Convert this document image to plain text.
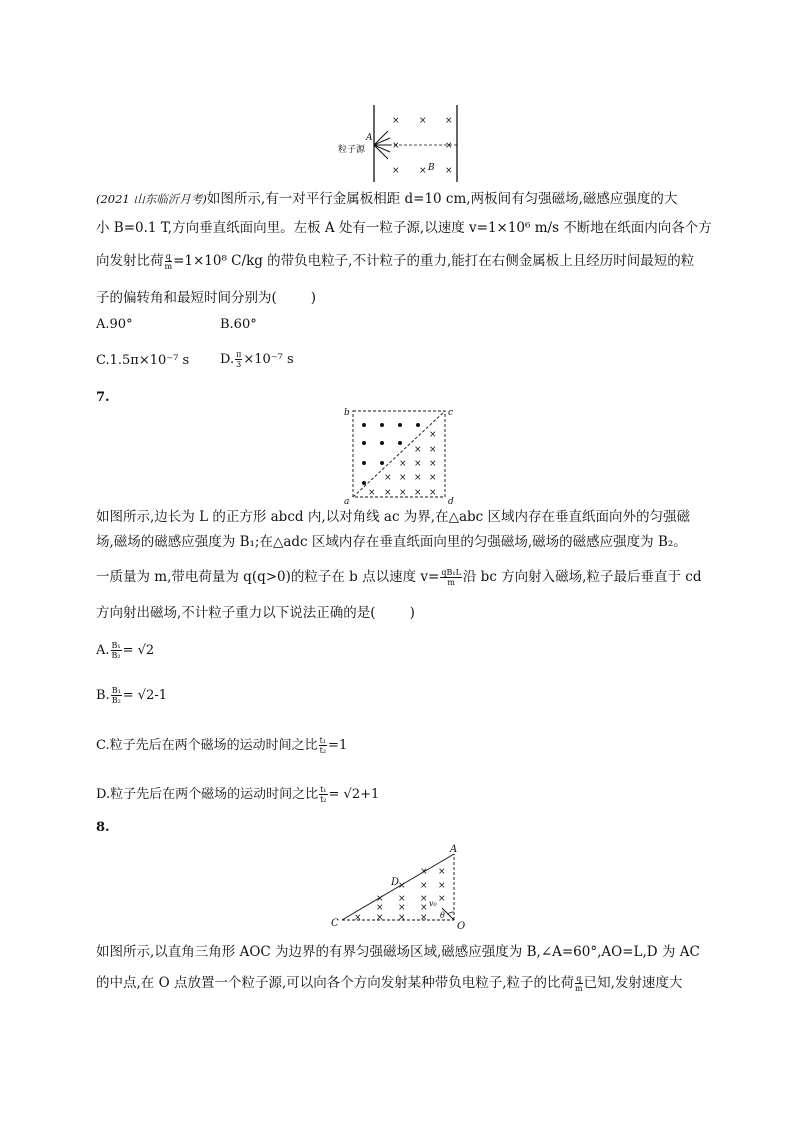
× × ×
×	×
× × ×
A
B
粒子源
(2021 山东临沂月考)如图所示,有一对平行金属板相距 d=10 cm,两板间有匀强磁场,磁感应强度的大
小 B=0.1 T,方向垂直纸面向里。左板 A 处有一粒子源,以速度 v=1×10⁶ m/s 不断地在纸面内向各个方
向发射比荷 $\frac{q}{m} =1\times 10^8$ C/kg 的带负电粒子,不计粒子的重力,能打在右侧金属板上且经历时间最短的粒
子的偏转角和最短时间分别为(	)
A.90°	B.60°
C.1.5π×10⁻⁷ s D. $\frac{\pi}{3} \times 10^{-7}$ s
7.
×
×
×
×
×
×
×
×
×
×
×
×
×
×
×
b	c
a	d
如图所示,边长为 L 的正方形 abcd 内,以对角线 ac 为界,在△abc 区域内存在垂直纸面向外的匀强磁
场,磁场的磁感应强度为 B₁;在△adc 区域内存在垂直纸面向里的匀强磁场,磁场的磁感应强度为 B₂。
一质量为 m,带电荷量为 q(q>0)的粒子在 b 点以速度 $v= \frac{\text{qB₁L}}{m}$ 沿 bc 方向射入磁场,粒子最后垂直于 cd
方向射出磁场,不计粒子重力以下说法正确的是(	)
A. $\frac{\text{B₁}}{\text{B₂}} = √2$
B. $\frac{\text{B₁}}{\text{B₂}} = √2-1$
C.粒子先后在两个磁场的运动时间之比 $\frac{\text{t₁}}{\text{t₂}} =1$
D.粒子先后在两个磁场的运动时间之比 $\frac{\text{t₁}}{\text{t₂}} = √2+1$
8.
× ×
× × ×
× × × ×
× × × ×
× × ×
C
A
D
O
v₀
θ
如图所示,以直角三角形 AOC 为边界的有界匀强磁场区域,磁感应强度为 B,∠A=60°,AO=L,D 为 AC
的中点,在 O 点放置一个粒子源,可以向各个方向发射某种带负电粒子,粒子的比荷 $\frac{q}{m}$ 已知,发射速度大
